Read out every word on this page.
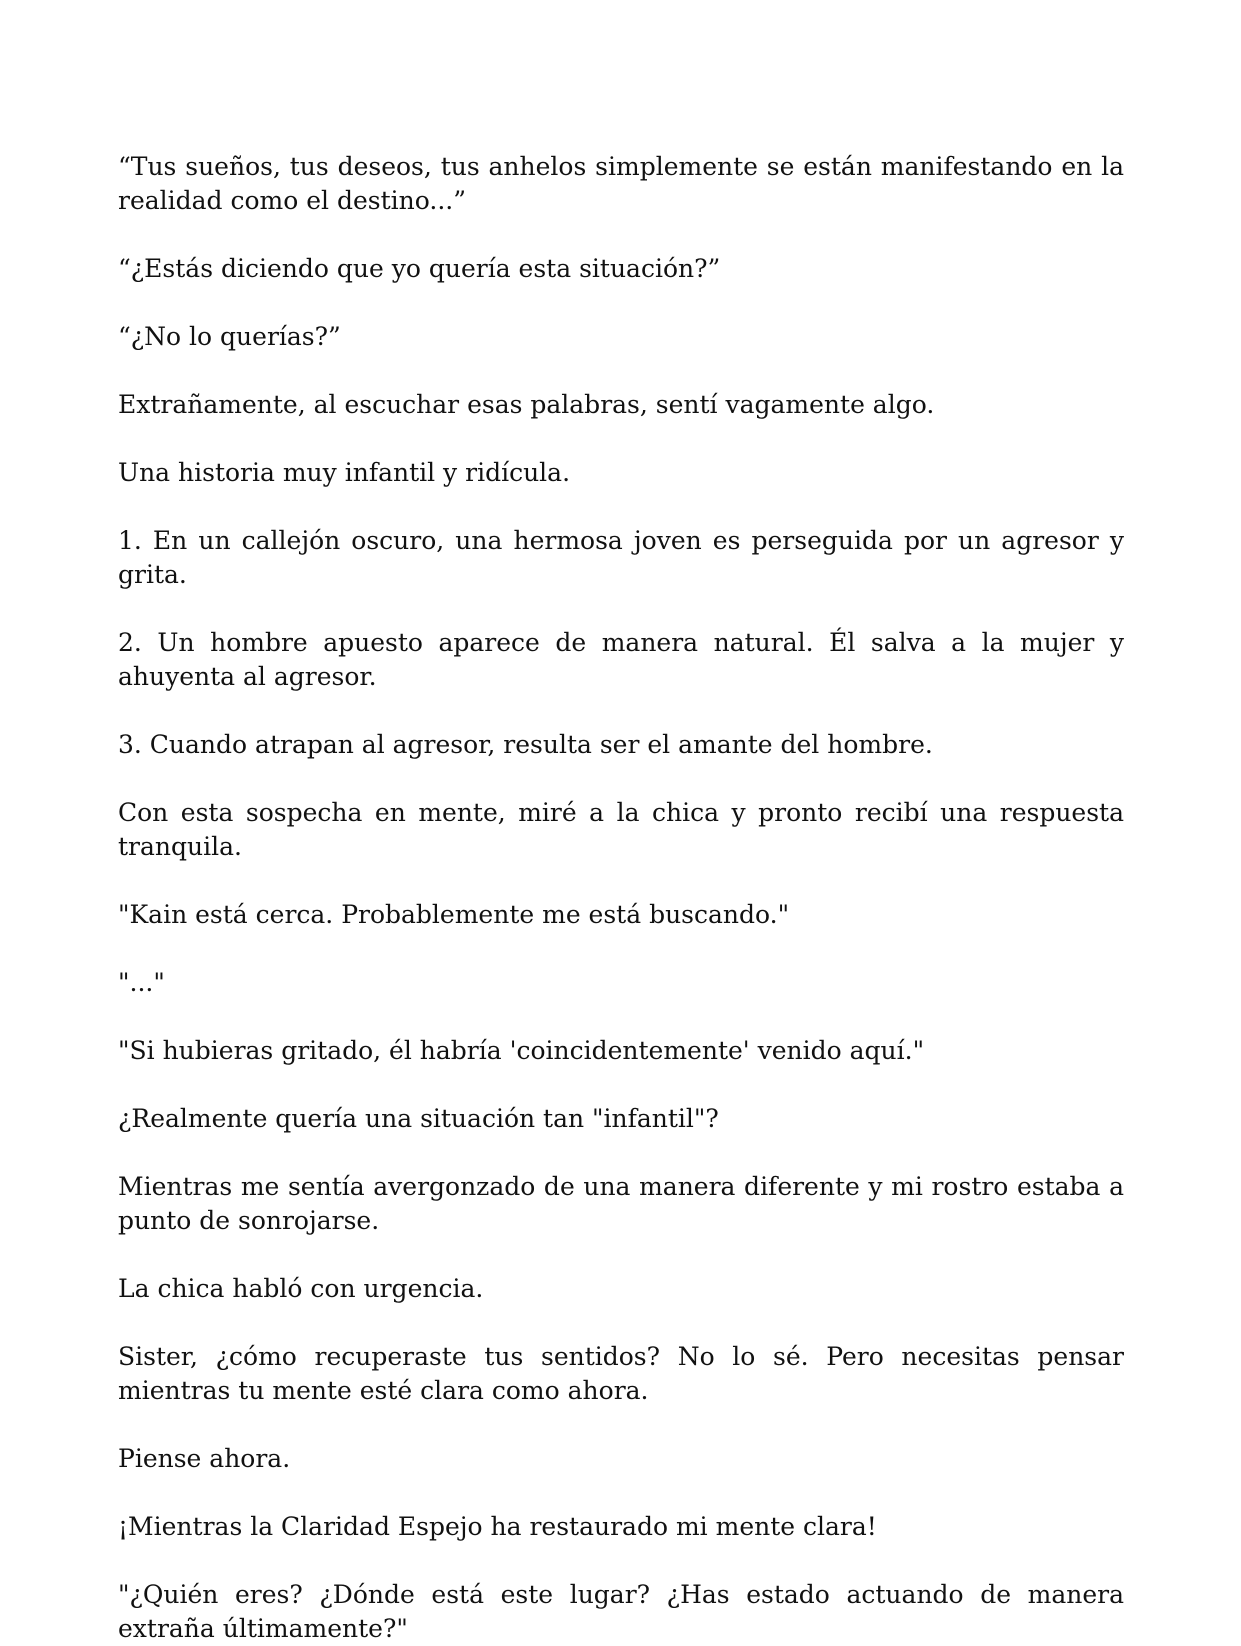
“Tus sueños, tus deseos, tus anhelos simplemente se están manifestando en la realidad como el destino...”

“¿Estás diciendo que yo quería esta situación?”

“¿No lo querías?”

Extrañamente, al escuchar esas palabras, sentí vagamente algo.

Una historia muy infantil y ridícula.

1. En un callejón oscuro, una hermosa joven es perseguida por un agresor y grita.

2. Un hombre apuesto aparece de manera natural. Él salva a la mujer y ahuyenta al agresor.

3. Cuando atrapan al agresor, resulta ser el amante del hombre.

Con esta sospecha en mente, miré a la chica y pronto recibí una respuesta tranquila.

"Kain está cerca. Probablemente me está buscando."

"..."

"Si hubieras gritado, él habría 'coincidentemente' venido aquí."

¿Realmente quería una situación tan "infantil"?

Mientras me sentía avergonzado de una manera diferente y mi rostro estaba a punto de sonrojarse.

La chica habló con urgencia.

Sister, ¿cómo recuperaste tus sentidos? No lo sé. Pero necesitas pensar mientras tu mente esté clara como ahora.

Piense ahora.

¡Mientras la Claridad Espejo ha restaurado mi mente clara!

"¿Quién eres? ¿Dónde está este lugar? ¿Has estado actuando de manera extraña últimamente?"
